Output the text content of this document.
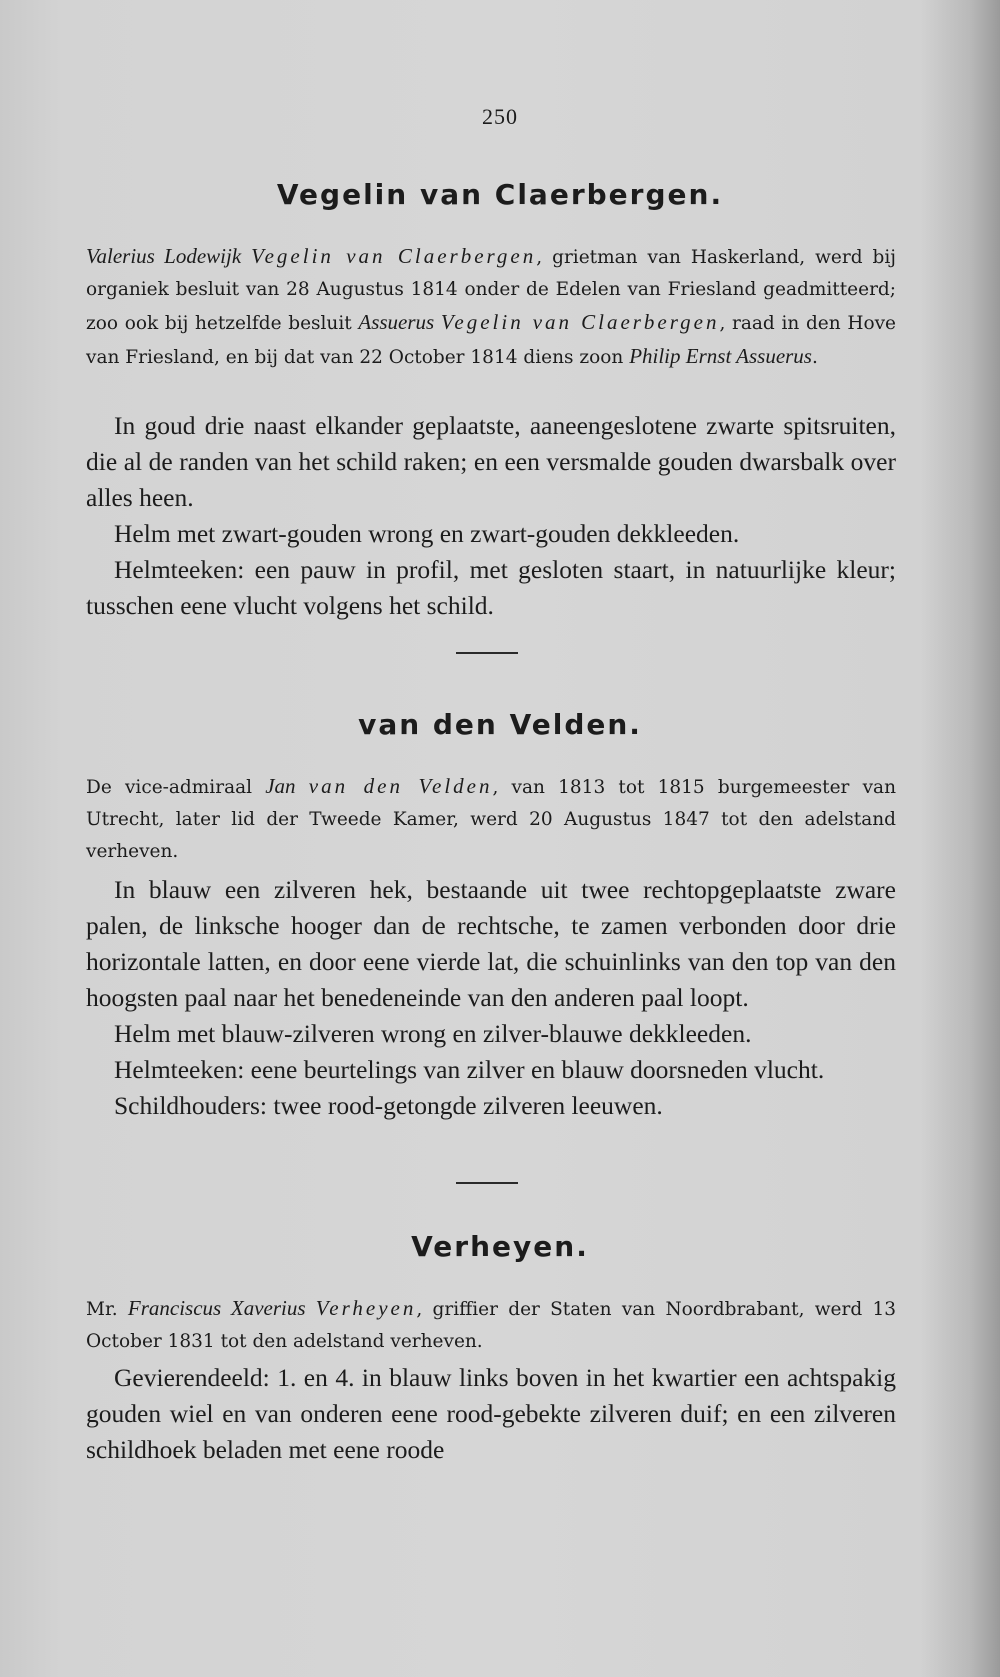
250
Vegelin van Claerbergen.
Valerius Lodewijk Vegelin van Claerbergen, grietman van Haskerland, werd bij organiek besluit van 28 Augustus 1814 onder de Edelen van Friesland geadmitteerd; zoo ook bij hetzelfde besluit Assuerus Vegelin van Claerbergen, raad in den Hove van Friesland, en bij dat van 22 October 1814 diens zoon Philip Ernst Assuerus.

In goud drie naast elkander geplaatste, aaneengeslotene zwarte spitsruiten, die al de randen van het schild raken; en een versmalde gouden dwarsbalk over alles heen.

Helm met zwart-gouden wrong en zwart-gouden dekkleeden.

Helmteeken: een pauw in profil, met gesloten staart, in natuurlijke kleur; tusschen eene vlucht volgens het schild.

van den Velden.
De vice-admiraal Jan van den Velden, van 1813 tot 1815 burgemeester van Utrecht, later lid der Tweede Kamer, werd 20 Augustus 1847 tot den adelstand verheven.

In blauw een zilveren hek, bestaande uit twee rechtopgeplaatste zware palen, de linksche hooger dan de rechtsche, te zamen verbonden door drie horizontale latten, en door eene vierde lat, die schuinlinks van den top van den hoogsten paal naar het benedeneinde van den anderen paal loopt.

Helm met blauw-zilveren wrong en zilver-blauwe dekkleeden.

Helmteeken: eene beurtelings van zilver en blauw doorsneden vlucht.

Schildhouders: twee rood-getongde zilveren leeuwen.

Verheyen.
Mr. Franciscus Xaverius Verheyen, griffier der Staten van Noordbrabant, werd 13 October 1831 tot den adelstand verheven.

Gevierendeeld: 1. en 4. in blauw links boven in het kwartier een achtspakig gouden wiel en van onderen eene rood-gebekte zilveren duif; en een zilveren schildhoek beladen met eene roode
